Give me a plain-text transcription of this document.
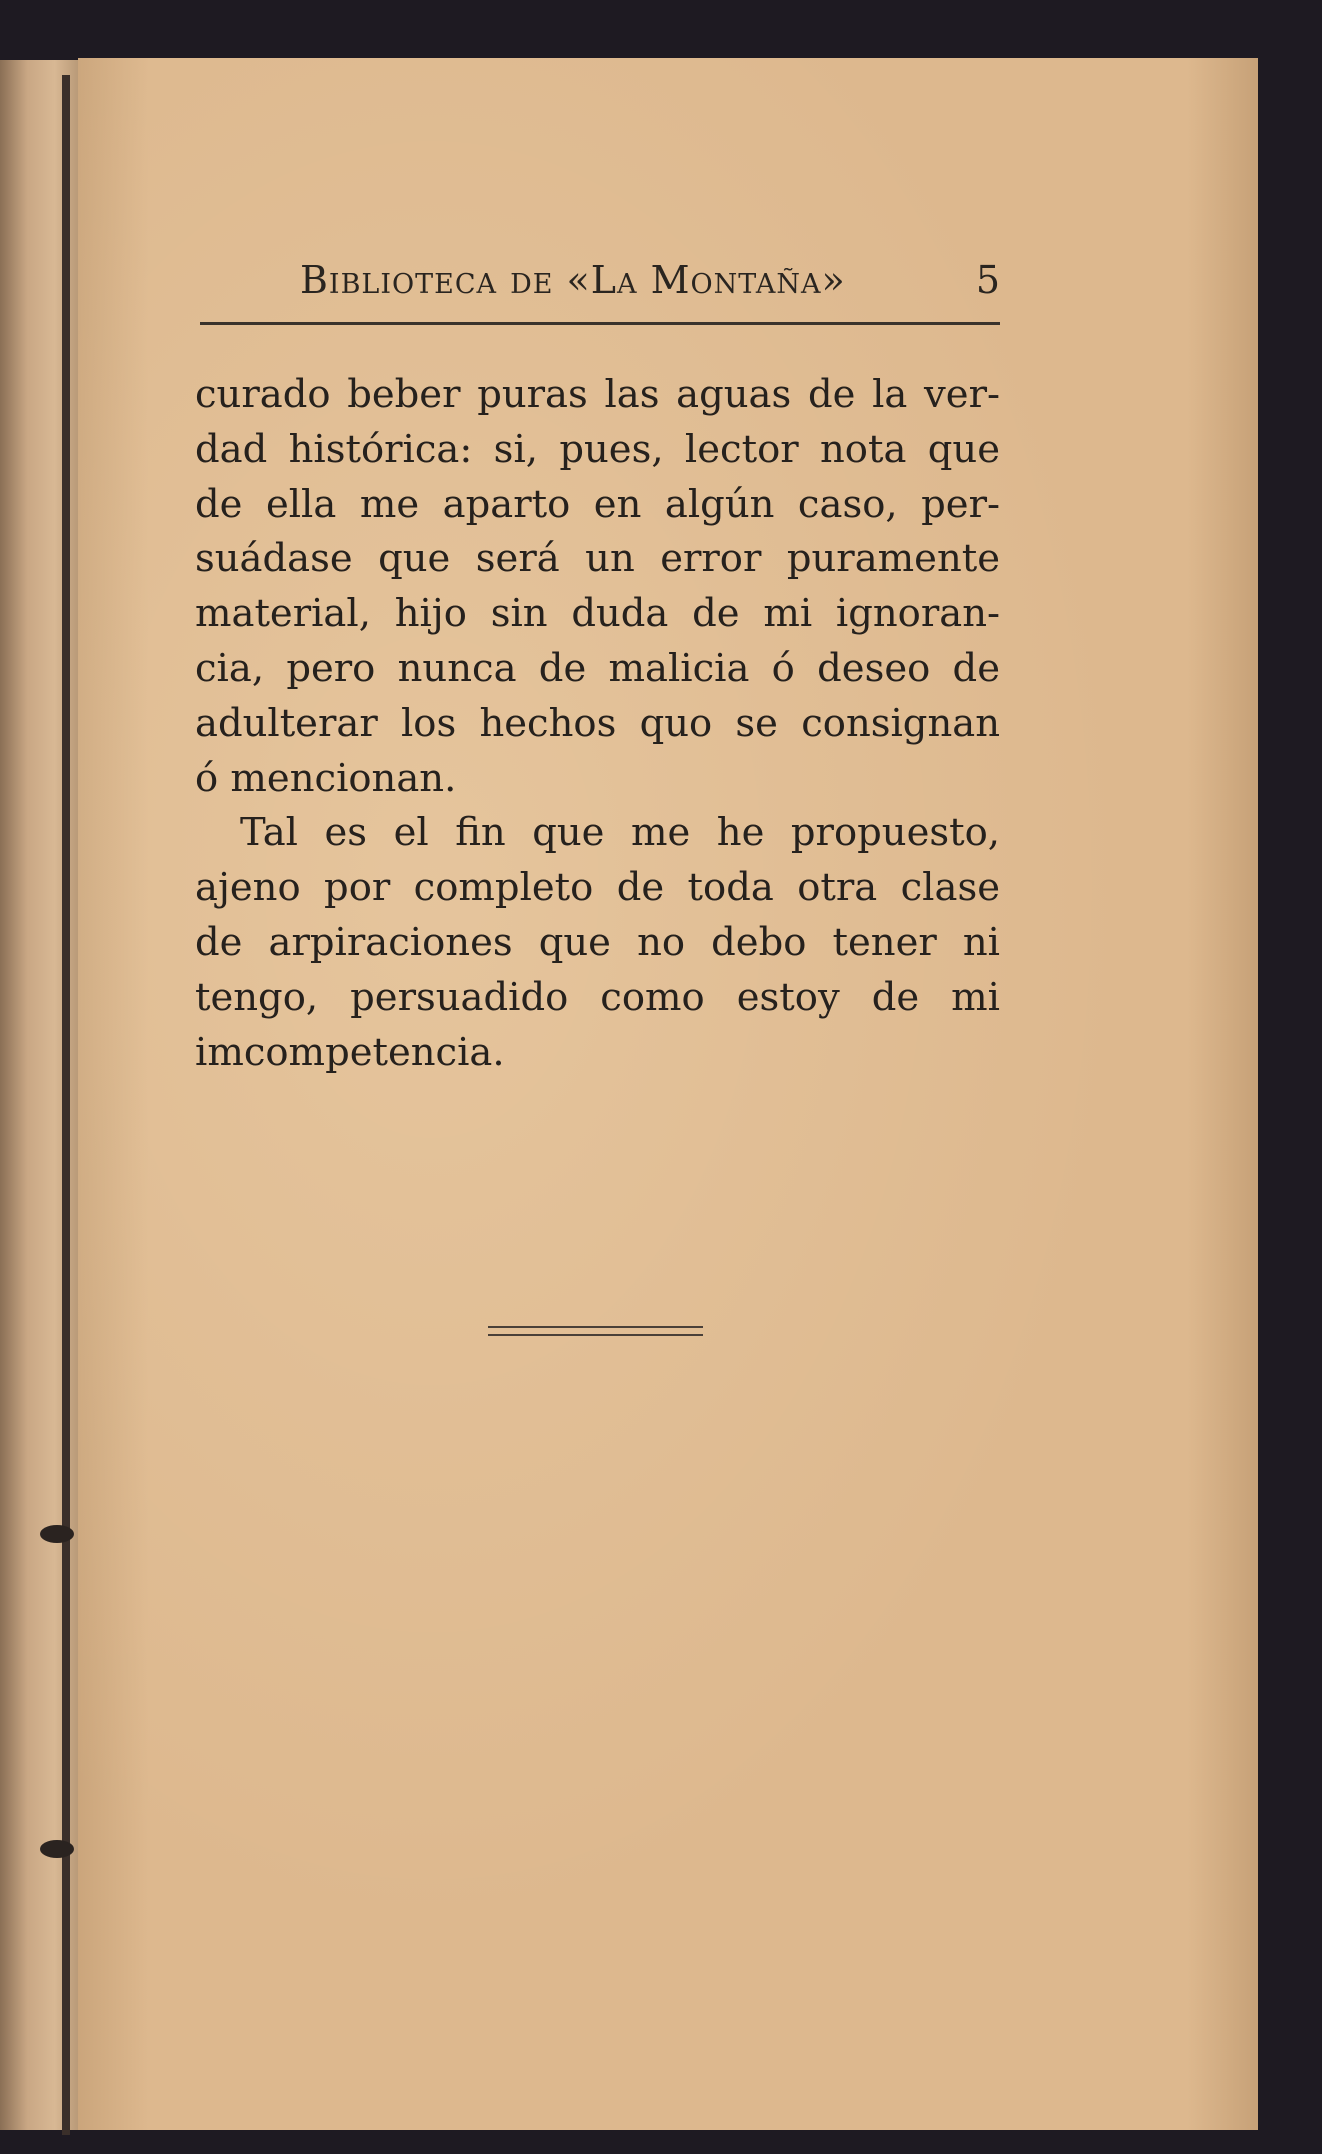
Biblioteca de «La Montaña»	5
curado beber puras las aguas de la ver-
dad histórica: si, pues, lector nota que
de ella me aparto en algún caso, per-
suádase que será un error puramente
material, hijo sin duda de mi ignoran-
cia, pero nunca de malicia ó deseo de
adulterar los hechos quo se consignan
ó mencionan.
Tal es el fin que me he propuesto,
ajeno por completo de toda otra clase
de arpiraciones que no debo tener ni
tengo, persuadido como estoy de mi
imcompetencia.
